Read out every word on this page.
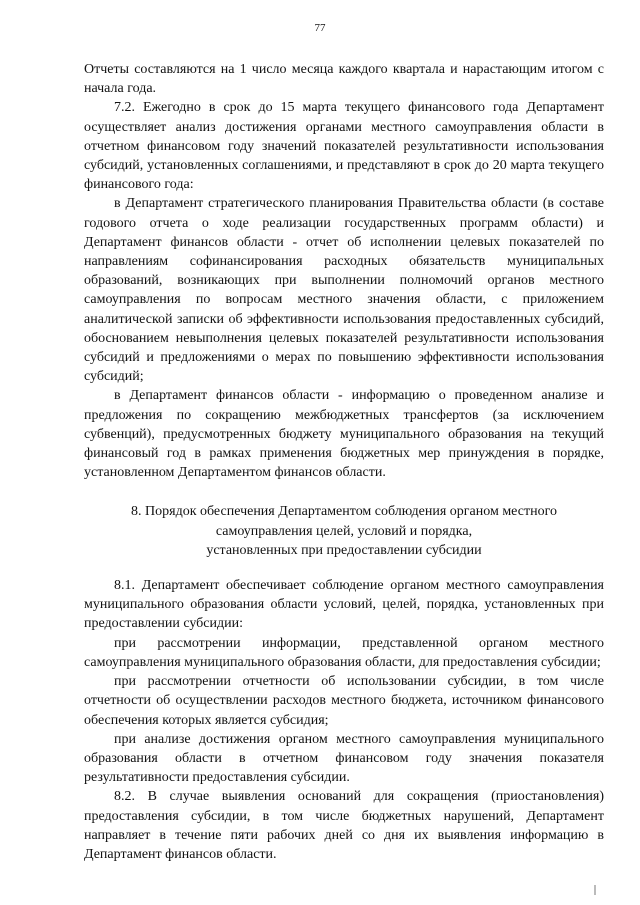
77

Отчеты составляются на 1 число месяца каждого квартала и нарастающим итогом с начала года.

7.2. Ежегодно в срок до 15 марта текущего финансового года Департамент осуществляет анализ достижения органами местного самоуправления области в отчетном финансовом году значений показателей результативности использования субсидий, установленных соглашениями, и представляют в срок до 20 марта текущего финансового года:

в Департамент стратегического планирования Правительства области (в составе годового отчета о ходе реализации государственных программ области) и Департамент финансов области - отчет об исполнении целевых показателей по направлениям софинансирования расходных обязательств муниципальных образований, возникающих при выполнении полномочий органов местного самоуправления по вопросам местного значения области, с приложением аналитической записки об эффективности использования предоставленных субсидий, обоснованием невыполнения целевых показателей результативности использования субсидий и предложениями о мерах по повышению эффективности использования субсидий;

в Департамент финансов области - информацию о проведенном анализе и предложения по сокращению межбюджетных трансфертов (за исключением субвенций), предусмотренных бюджету муниципального образования на текущий финансовый год в рамках применения бюджетных мер принуждения в порядке, установленном Департаментом финансов области.

8. Порядок обеспечения Департаментом соблюдения органом местного
самоуправления целей, условий и порядка,
установленных при предоставлении субсидии

8.1. Департамент обеспечивает соблюдение органом местного самоуправления муниципального образования области условий, целей, порядка, установленных при предоставлении субсидии:

при рассмотрении информации, представленной органом местного самоуправления муниципального образования области, для предоставления субсидии;

при рассмотрении отчетности об использовании субсидии, в том числе отчетности об осуществлении расходов местного бюджета, источником финансового обеспечения которых является субсидия;

при анализе достижения органом местного самоуправления муниципального образования области в отчетном финансовом году значения показателя результативности предоставления субсидии.

8.2. В случае выявления оснований для сокращения (приостановления) предоставления субсидии, в том числе бюджетных нарушений, Департамент направляет в течение пяти рабочих дней со дня их выявления информацию в Департамент финансов области.
